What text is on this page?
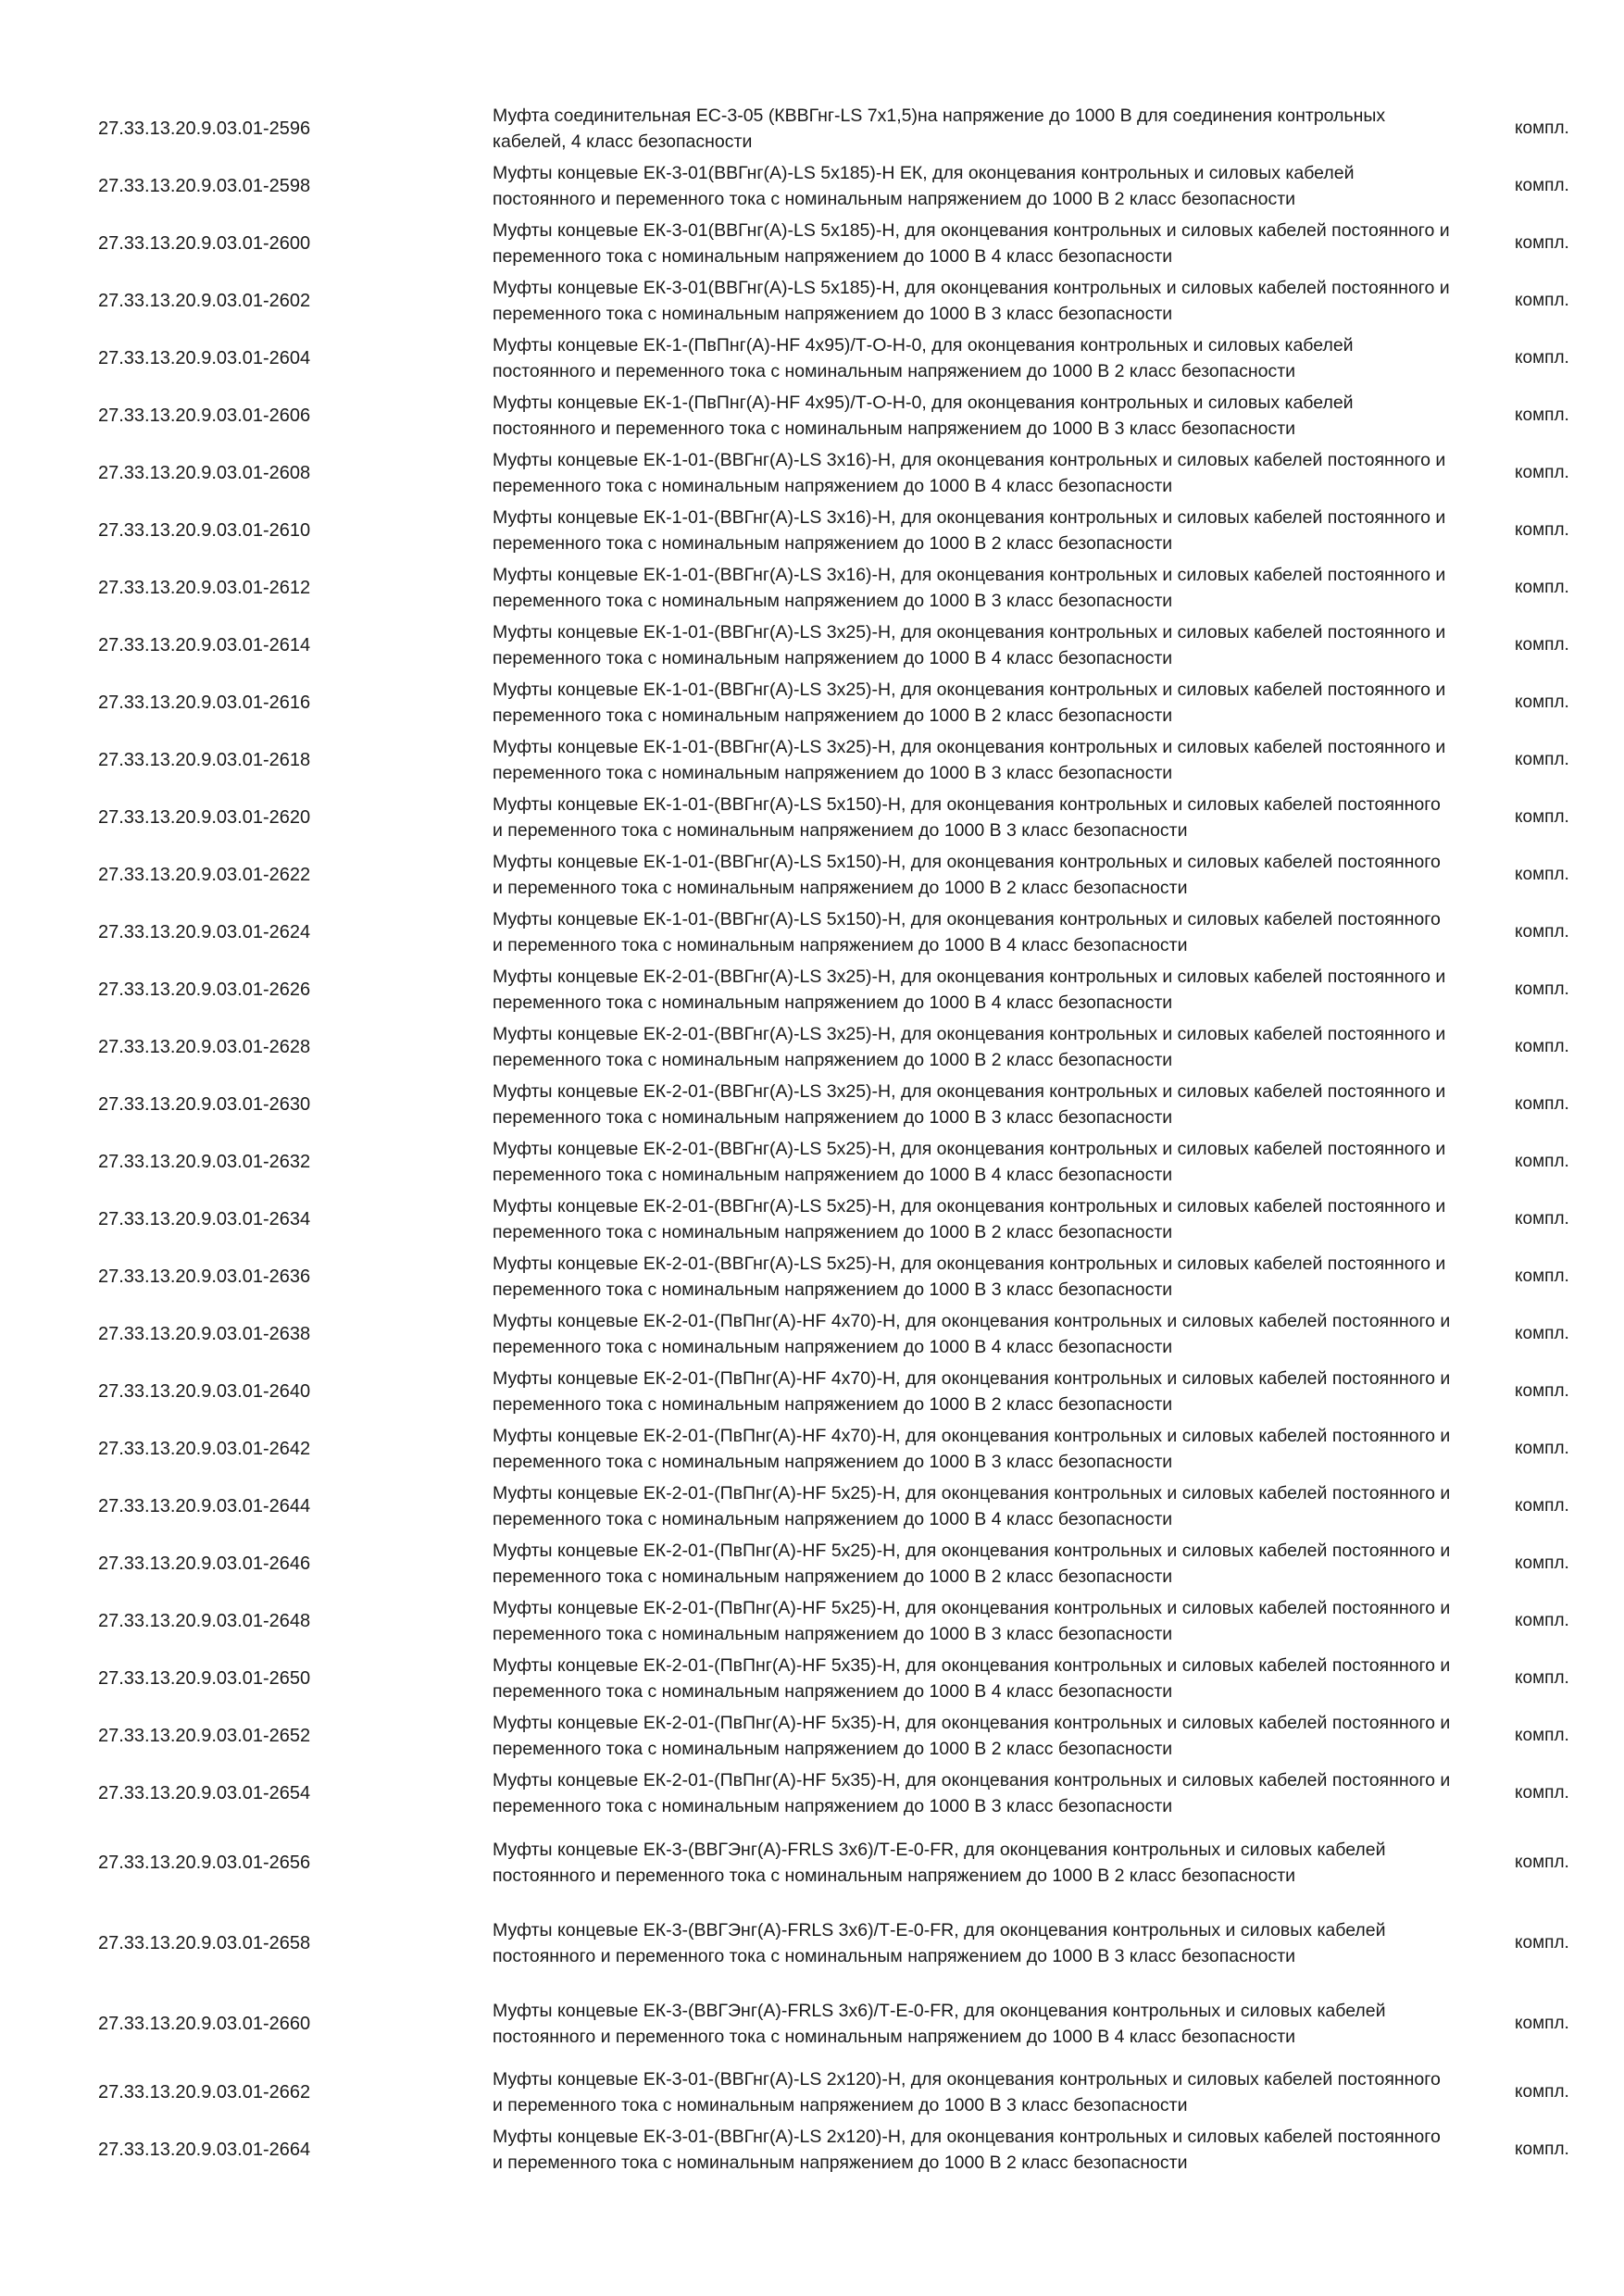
27.33.13.20.9.03.01-2596
Муфта соединительная ЕС-3-05 (КВВГнг-LS 7х1,5)на напряжение до 1000 В для соединения контрольных кабелей, 4 класс безопасности
компл.
27.33.13.20.9.03.01-2598
Муфты концевые ЕК-3-01(ВВГнг(А)-LS 5х185)-Н ЕК, для оконцевания контрольных и силовых кабелей постоянного и переменного тока с номинальным напряжением до 1000 В 2 класс безопасности
компл.
27.33.13.20.9.03.01-2600
Муфты концевые ЕК-3-01(ВВГнг(А)-LS 5х185)-Н, для оконцевания контрольных и силовых кабелей постоянного и переменного тока с номинальным напряжением до 1000 В 4 класс безопасности
компл.
27.33.13.20.9.03.01-2602
Муфты концевые ЕК-3-01(ВВГнг(А)-LS 5х185)-Н, для оконцевания контрольных и силовых кабелей постоянного и переменного тока с номинальным напряжением до 1000 В 3 класс безопасности
компл.
27.33.13.20.9.03.01-2604
Муфты концевые ЕК-1-(ПвПнг(А)-HF 4х95)/Т-О-Н-0, для оконцевания контрольных и силовых кабелей постоянного и переменного тока с номинальным напряжением до 1000 В 2 класс безопасности
компл.
27.33.13.20.9.03.01-2606
Муфты концевые ЕК-1-(ПвПнг(А)-HF 4х95)/Т-О-Н-0, для оконцевания контрольных и силовых кабелей постоянного и переменного тока с номинальным напряжением до 1000 В 3 класс безопасности
компл.
27.33.13.20.9.03.01-2608
Муфты концевые ЕК-1-01-(ВВГнг(А)-LS 3х16)-Н, для оконцевания контрольных и силовых кабелей постоянного и переменного тока с номинальным напряжением до 1000 В 4 класс безопасности
компл.
27.33.13.20.9.03.01-2610
Муфты концевые ЕК-1-01-(ВВГнг(А)-LS 3х16)-Н, для оконцевания контрольных и силовых кабелей постоянного и переменного тока с номинальным напряжением до 1000 В 2 класс безопасности
компл.
27.33.13.20.9.03.01-2612
Муфты концевые ЕК-1-01-(ВВГнг(А)-LS 3х16)-Н, для оконцевания контрольных и силовых кабелей постоянного и переменного тока с номинальным напряжением до 1000 В 3 класс безопасности
компл.
27.33.13.20.9.03.01-2614
Муфты концевые ЕК-1-01-(ВВГнг(А)-LS 3х25)-Н, для оконцевания контрольных и силовых кабелей постоянного и переменного тока с номинальным напряжением до 1000 В 4 класс безопасности
компл.
27.33.13.20.9.03.01-2616
Муфты концевые ЕК-1-01-(ВВГнг(А)-LS 3х25)-Н, для оконцевания контрольных и силовых кабелей постоянного и переменного тока с номинальным напряжением до 1000 В 2 класс безопасности
компл.
27.33.13.20.9.03.01-2618
Муфты концевые ЕК-1-01-(ВВГнг(А)-LS 3х25)-Н, для оконцевания контрольных и силовых кабелей постоянного и переменного тока с номинальным напряжением до 1000 В 3 класс безопасности
компл.
27.33.13.20.9.03.01-2620
Муфты концевые ЕК-1-01-(ВВГнг(А)-LS 5х150)-Н, для оконцевания контрольных и силовых кабелей постоянного и переменного тока с номинальным напряжением до 1000 В 3 класс безопасности
компл.
27.33.13.20.9.03.01-2622
Муфты концевые ЕК-1-01-(ВВГнг(А)-LS 5х150)-Н, для оконцевания контрольных и силовых кабелей постоянного и переменного тока с номинальным напряжением до 1000 В 2 класс безопасности
компл.
27.33.13.20.9.03.01-2624
Муфты концевые ЕК-1-01-(ВВГнг(А)-LS 5х150)-Н, для оконцевания контрольных и силовых кабелей постоянного и переменного тока с номинальным напряжением до 1000 В 4 класс безопасности
компл.
27.33.13.20.9.03.01-2626
Муфты концевые ЕК-2-01-(ВВГнг(А)-LS 3х25)-Н, для оконцевания контрольных и силовых кабелей постоянного и переменного тока с номинальным напряжением до 1000 В 4 класс безопасности
компл.
27.33.13.20.9.03.01-2628
Муфты концевые ЕК-2-01-(ВВГнг(А)-LS 3х25)-Н, для оконцевания контрольных и силовых кабелей постоянного и переменного тока с номинальным напряжением до 1000 В 2 класс безопасности
компл.
27.33.13.20.9.03.01-2630
Муфты концевые ЕК-2-01-(ВВГнг(А)-LS 3х25)-Н, для оконцевания контрольных и силовых кабелей постоянного и переменного тока с номинальным напряжением до 1000 В 3 класс безопасности
компл.
27.33.13.20.9.03.01-2632
Муфты концевые ЕК-2-01-(ВВГнг(А)-LS 5х25)-Н, для оконцевания контрольных и силовых кабелей постоянного и переменного тока с номинальным напряжением до 1000 В 4 класс безопасности
компл.
27.33.13.20.9.03.01-2634
Муфты концевые ЕК-2-01-(ВВГнг(А)-LS 5х25)-Н, для оконцевания контрольных и силовых кабелей постоянного и переменного тока с номинальным напряжением до 1000 В 2 класс безопасности
компл.
27.33.13.20.9.03.01-2636
Муфты концевые ЕК-2-01-(ВВГнг(А)-LS 5х25)-Н, для оконцевания контрольных и силовых кабелей постоянного и переменного тока с номинальным напряжением до 1000 В 3 класс безопасности
компл.
27.33.13.20.9.03.01-2638
Муфты концевые ЕК-2-01-(ПвПнг(А)-HF 4х70)-Н, для оконцевания контрольных и силовых кабелей постоянного и переменного тока с номинальным напряжением до 1000 В 4 класс безопасности
компл.
27.33.13.20.9.03.01-2640
Муфты концевые ЕК-2-01-(ПвПнг(А)-HF 4х70)-Н, для оконцевания контрольных и силовых кабелей постоянного и переменного тока с номинальным напряжением до 1000 В 2 класс безопасности
компл.
27.33.13.20.9.03.01-2642
Муфты концевые ЕК-2-01-(ПвПнг(А)-HF 4х70)-Н, для оконцевания контрольных и силовых кабелей постоянного и переменного тока с номинальным напряжением до 1000 В 3 класс безопасности
компл.
27.33.13.20.9.03.01-2644
Муфты концевые ЕК-2-01-(ПвПнг(А)-HF 5х25)-Н, для оконцевания контрольных и силовых кабелей постоянного и переменного тока с номинальным напряжением до 1000 В 4 класс безопасности
компл.
27.33.13.20.9.03.01-2646
Муфты концевые ЕК-2-01-(ПвПнг(А)-HF 5х25)-Н, для оконцевания контрольных и силовых кабелей постоянного и переменного тока с номинальным напряжением до 1000 В 2 класс безопасности
компл.
27.33.13.20.9.03.01-2648
Муфты концевые ЕК-2-01-(ПвПнг(А)-HF 5х25)-Н, для оконцевания контрольных и силовых кабелей постоянного и переменного тока с номинальным напряжением до 1000 В 3 класс безопасности
компл.
27.33.13.20.9.03.01-2650
Муфты концевые ЕК-2-01-(ПвПнг(А)-HF 5х35)-Н, для оконцевания контрольных и силовых кабелей постоянного и переменного тока с номинальным напряжением до 1000 В 4 класс безопасности
компл.
27.33.13.20.9.03.01-2652
Муфты концевые ЕК-2-01-(ПвПнг(А)-HF 5х35)-Н, для оконцевания контрольных и силовых кабелей постоянного и переменного тока с номинальным напряжением до 1000 В 2 класс безопасности
компл.
27.33.13.20.9.03.01-2654
Муфты концевые ЕК-2-01-(ПвПнг(А)-HF 5х35)-Н, для оконцевания контрольных и силовых кабелей постоянного и переменного тока с номинальным напряжением до 1000 В 3 класс безопасности
компл.
27.33.13.20.9.03.01-2656
Муфты концевые ЕК-3-(ВВГЭнг(А)-FRLS 3х6)/Т-Е-0-FR, для оконцевания контрольных и силовых кабелей постоянного и переменного тока с номинальным напряжением до 1000 В 2 класс безопасности
компл.
27.33.13.20.9.03.01-2658
Муфты концевые ЕК-3-(ВВГЭнг(А)-FRLS 3х6)/Т-Е-0-FR, для оконцевания контрольных и силовых кабелей постоянного и переменного тока с номинальным напряжением до 1000 В 3 класс безопасности
компл.
27.33.13.20.9.03.01-2660
Муфты концевые ЕК-3-(ВВГЭнг(А)-FRLS 3х6)/Т-Е-0-FR, для оконцевания контрольных и силовых кабелей постоянного и переменного тока с номинальным напряжением до 1000 В 4 класс безопасности
компл.
27.33.13.20.9.03.01-2662
Муфты концевые ЕК-3-01-(ВВГнг(А)-LS 2х120)-Н, для оконцевания контрольных и силовых кабелей постоянного и переменного тока с номинальным напряжением до 1000 В 3 класс безопасности
компл.
27.33.13.20.9.03.01-2664
Муфты концевые ЕК-3-01-(ВВГнг(А)-LS 2х120)-Н, для оконцевания контрольных и силовых кабелей постоянного и переменного тока с номинальным напряжением до 1000 В 2 класс безопасности
компл.
